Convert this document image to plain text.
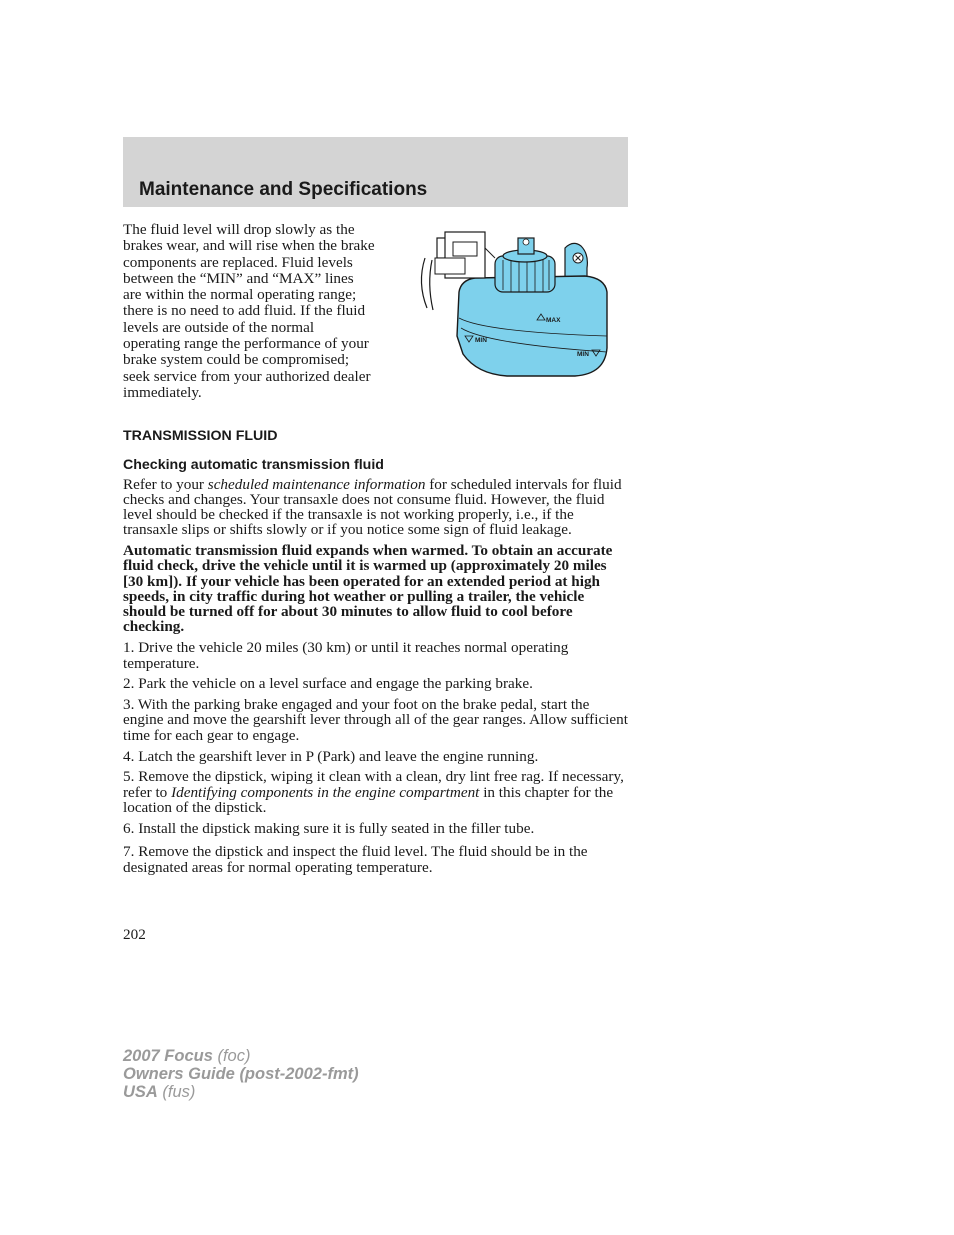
Maintenance and Specifications

The fluid level will drop slowly as the brakes wear, and will rise when the brake components are replaced. Fluid levels between the “MIN” and “MAX” lines are within the normal operating range; there is no need to add fluid. If the fluid levels are outside of the normal operating range the performance of your brake system could be compromised; seek service from your authorized dealer immediately.

MAX
MIN
MIN
TRANSMISSION FLUID
Checking automatic transmission fluid

Refer to your scheduled maintenance information for scheduled intervals for fluid checks and changes. Your transaxle does not consume fluid. However, the fluid level should be checked if the transaxle is not working properly, i.e., if the transaxle slips or shifts slowly or if you notice some sign of fluid leakage.

Automatic transmission fluid expands when warmed. To obtain an accurate fluid check, drive the vehicle until it is warmed up (approximately 20 miles [30 km]). If your vehicle has been operated for an extended period at high speeds, in city traffic during hot weather or pulling a trailer, the vehicle should be turned off for about 30 minutes to allow fluid to cool before checking.

1. Drive the vehicle 20 miles (30 km) or until it reaches normal operating temperature.

2. Park the vehicle on a level surface and engage the parking brake.

3. With the parking brake engaged and your foot on the brake pedal, start the engine and move the gearshift lever through all of the gear ranges. Allow sufficient time for each gear to engage.

4. Latch the gearshift lever in P (Park) and leave the engine running.

5. Remove the dipstick, wiping it clean with a clean, dry lint free rag. If necessary, refer to Identifying components in the engine compartment in this chapter for the location of the dipstick.

6. Install the dipstick making sure it is fully seated in the filler tube.

7. Remove the dipstick and inspect the fluid level. The fluid should be in the designated areas for normal operating temperature.

202

2007 Focus (foc)
Owners Guide (post-2002-fmt)
USA (fus)
